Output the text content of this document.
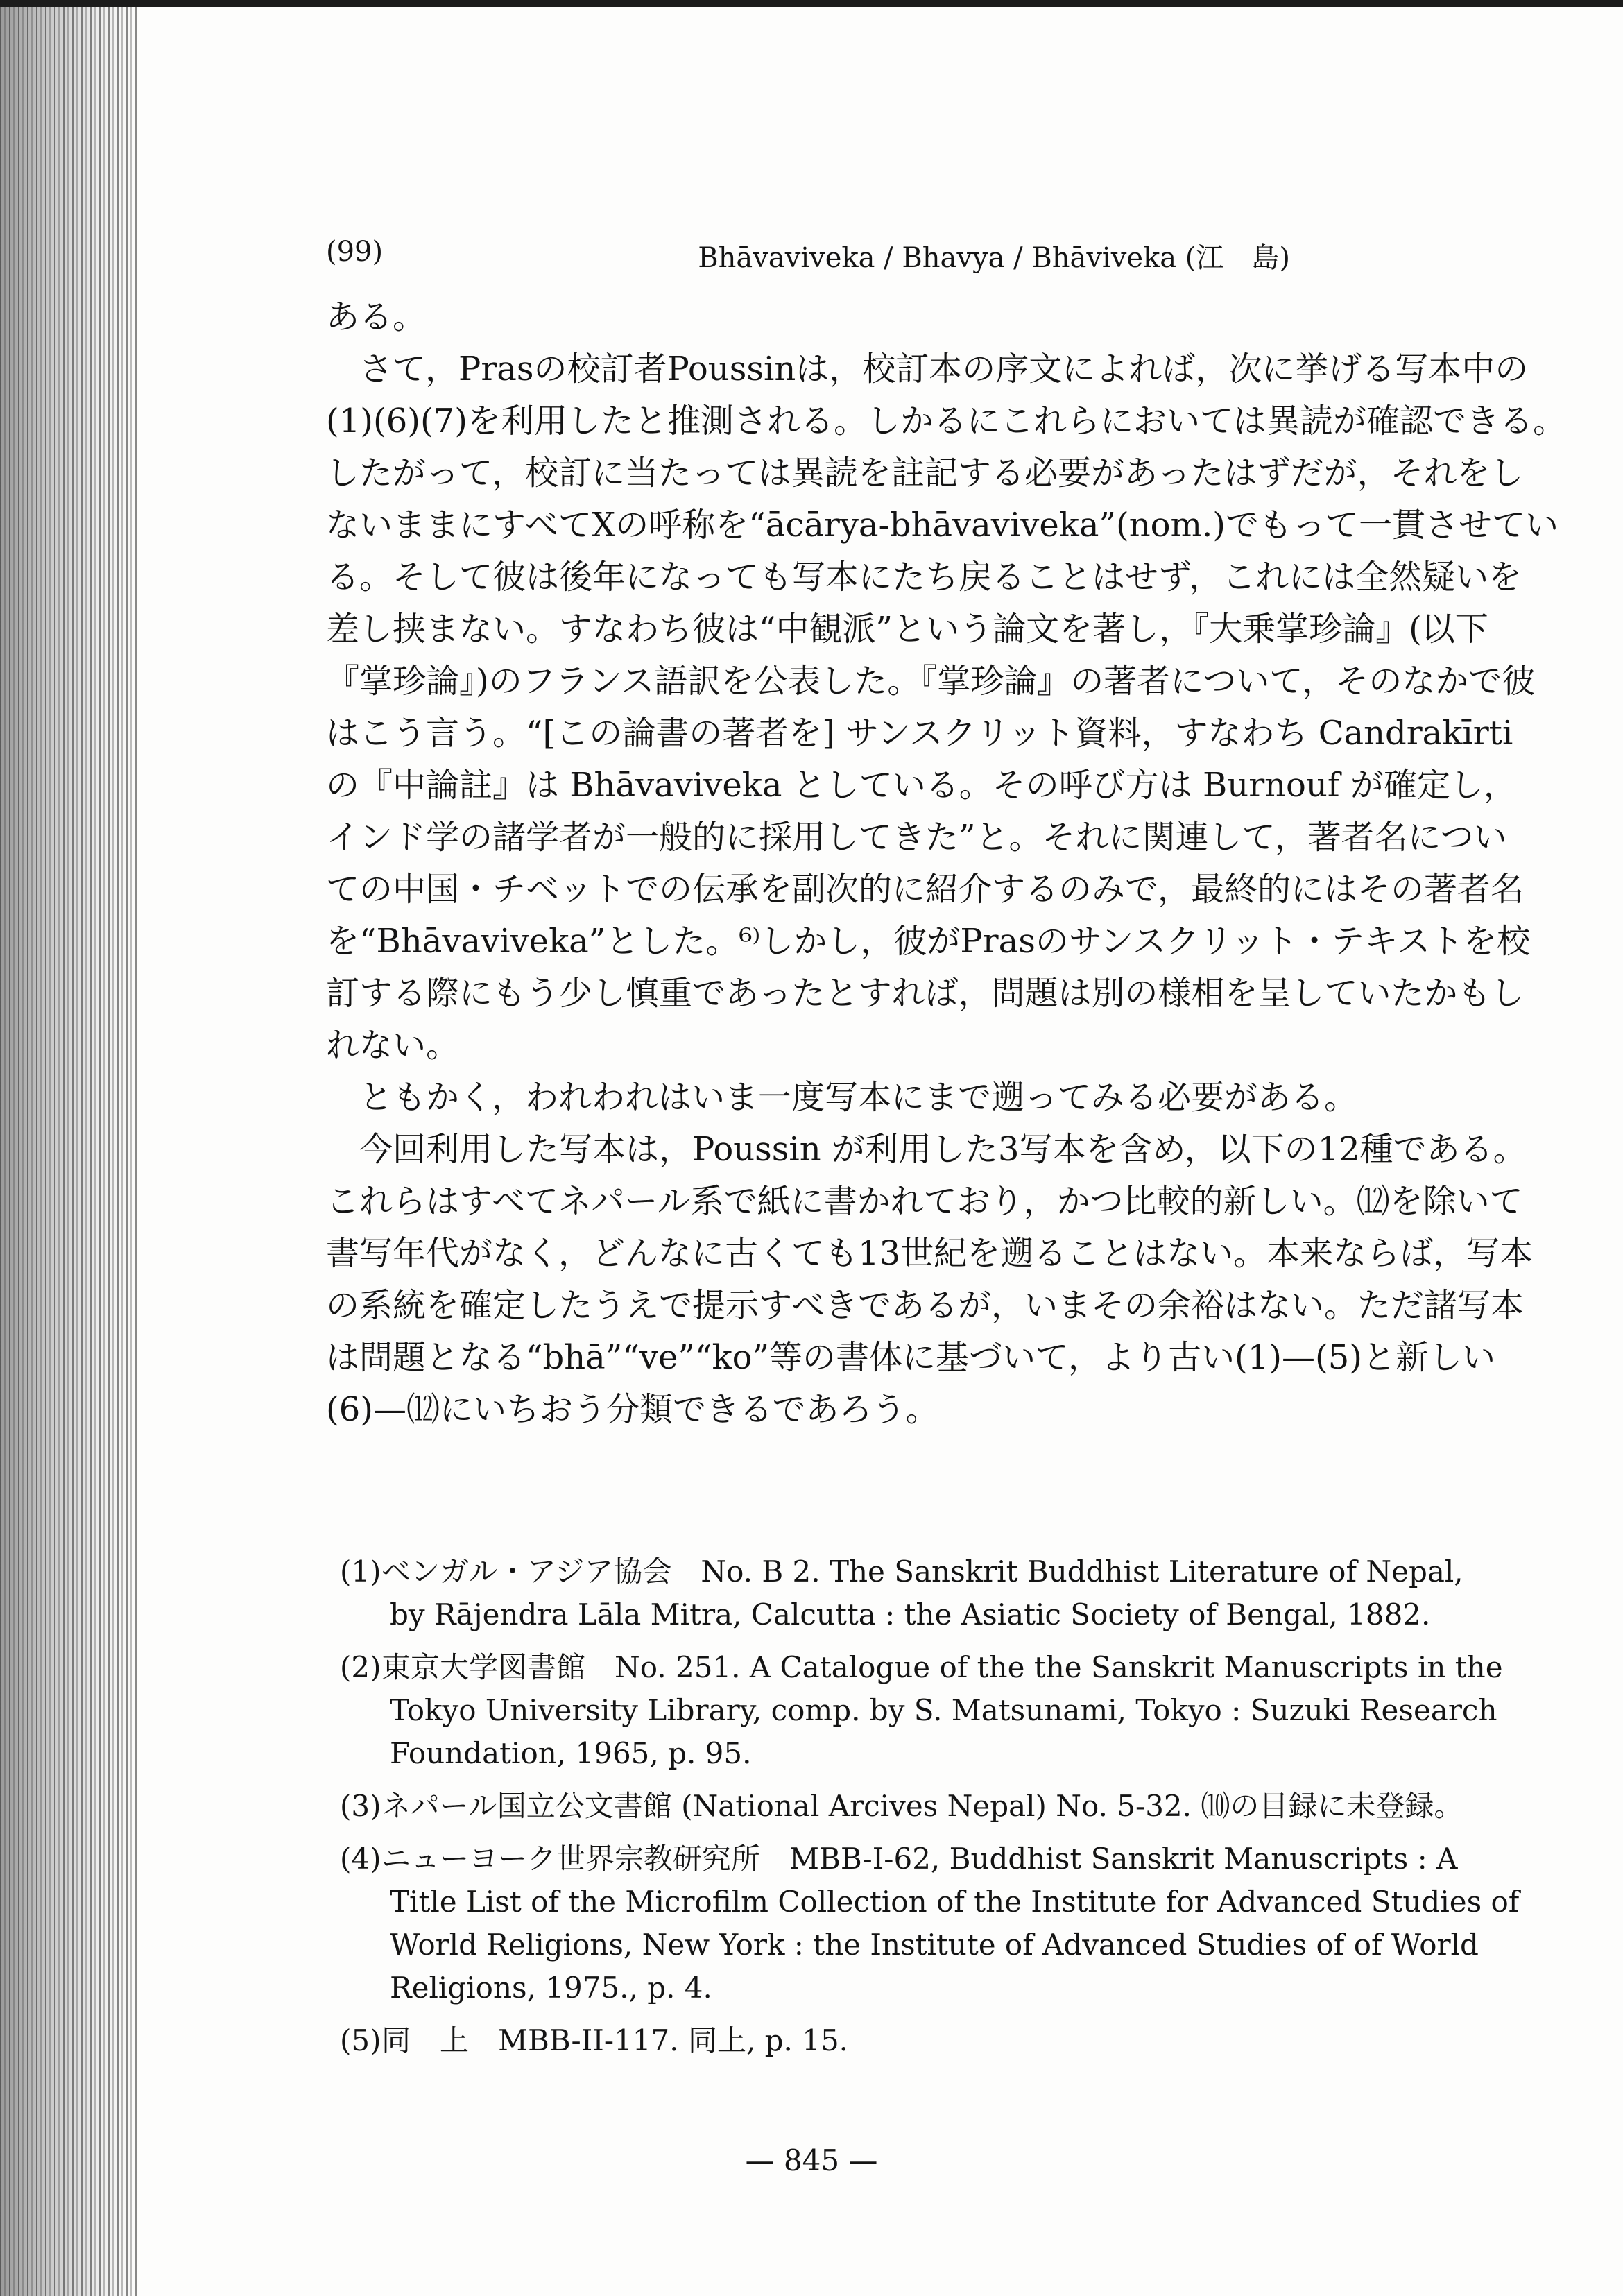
(99)	Bhāvaviveka / Bhavya / Bhāviveka (江　島)
ある。
さて，Prasの校訂者Poussinは，校訂本の序文によれば，次に挙げる写本中の
(1)(6)(7)を利用したと推測される。しかるにこれらにおいては異読が確認できる。
したがって，校訂に当たっては異読を註記する必要があったはずだが，それをし
ないままにすべてXの呼称を“ācārya-bhāvaviveka”(nom.)でもって一貫させてい
る。そして彼は後年になっても写本にたち戻ることはせず，これには全然疑いを
差し挟まない。すなわち彼は“中観派”という論文を著し，『大乗掌珍論』(以下
『掌珍論』)のフランス語訳を公表した。『掌珍論』の著者について，そのなかで彼
はこう言う。“[この論書の著者を] サンスクリット資料，すなわち Candrakīrti
の『中論註』は Bhāvaviveka としている。その呼び方は Burnouf が確定し，
インド学の諸学者が一般的に採用してきた”と。それに関連して，著者名につい
ての中国・チベットでの伝承を副次的に紹介するのみで，最終的にはその著者名
を“Bhāvaviveka”とした。⁶⁾しかし，彼がPrasのサンスクリット・テキストを校
訂する際にもう少し慎重であったとすれば，問題は別の様相を呈していたかもし
れない。
ともかく，われわれはいま一度写本にまで遡ってみる必要がある。
今回利用した写本は，Poussin が利用した3写本を含め，以下の12種である。
これらはすべてネパール系で紙に書かれており，かつ比較的新しい。⑿を除いて
書写年代がなく，どんなに古くても13世紀を遡ることはない。本来ならば，写本
の系統を確定したうえで提示すべきであるが，いまその余裕はない。ただ諸写本
は問題となる“bhā”“ve”“ko”等の書体に基づいて，より古い(1)—(5)と新しい
(6)—⑿にいちおう分類できるであろう。
(1)ベンガル・アジア協会　No. B 2. The Sanskrit Buddhist Literature of Nepal,
by Rājendra Lāla Mitra, Calcutta : the Asiatic Society of Bengal, 1882.
(2)東京大学図書館　No. 251. A Catalogue of the the Sanskrit Manuscripts in the
Tokyo University Library, comp. by S. Matsunami, Tokyo : Suzuki Research
Foundation, 1965, p. 95.
(3)ネパール国立公文書館 (National Arcives Nepal) No. 5-32. ⑽の目録に未登録。
(4)ニューヨーク世界宗教研究所　MBB-I-62, Buddhist Sanskrit Manuscripts : A
Title List of the Microfilm Collection of the Institute for Advanced Studies of
World Religions, New York : the Institute of Advanced Studies of of World
Religions, 1975., p. 4.
(5)同　上　MBB-II-117. 同上, p. 15.
— 845 —
